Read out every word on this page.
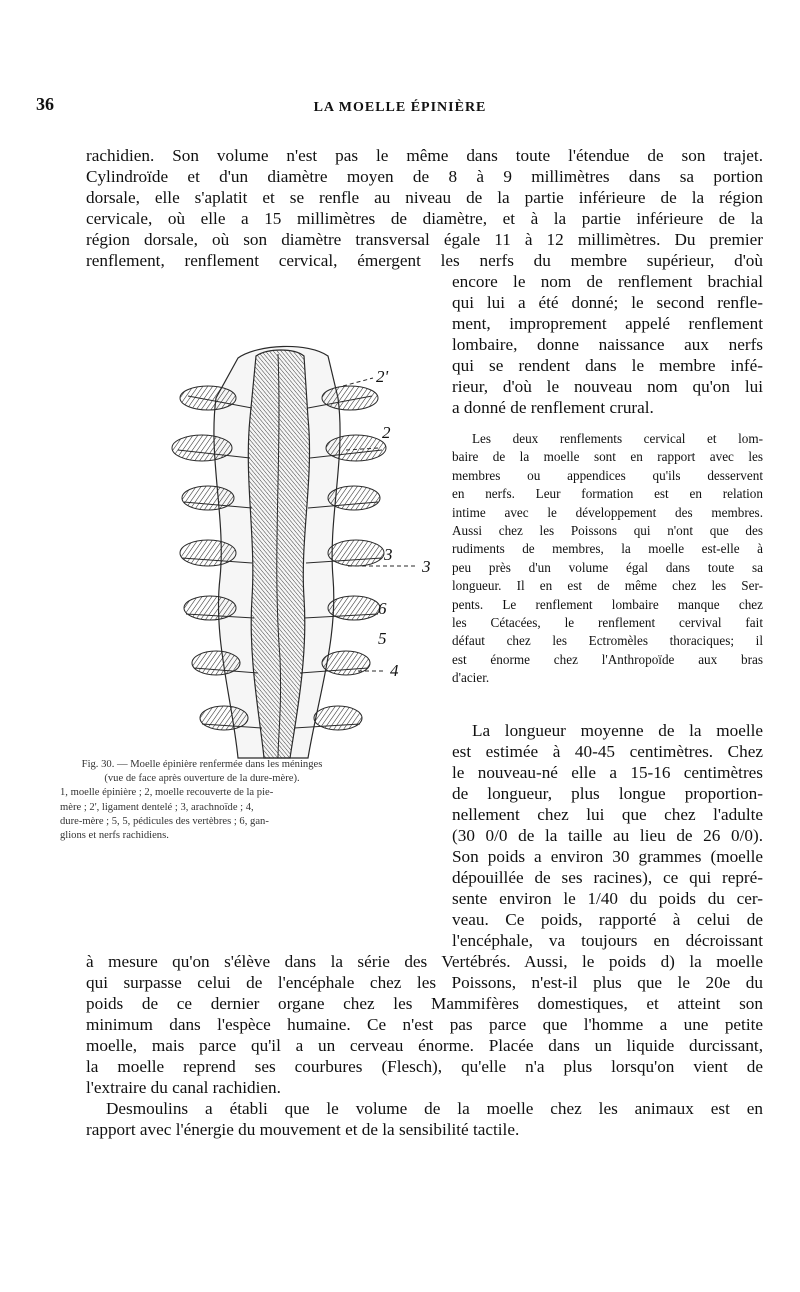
36	LA MOELLE ÉPINIÈRE

rachidien. Son volume n'est pas le même dans toute l'étendue de son trajet.
Cylindroïde et d'un diamètre moyen de 8 à 9 millimètres dans sa portion
dorsale, elle s'aplatit et se renfle au niveau de la partie inférieure de la région
cervicale, où elle a 15 millimètres de diamètre, et à la partie inférieure de la
région dorsale, où son diamètre transversal égale 11 à 12 millimètres. Du premier
renflement, renflement cervical, émergent les nerfs du membre supérieur, d'où

encore le nom de renflement brachial
qui lui a été donné; le second renfle-
ment, improprement appelé renflement
lombaire, donne naissance aux nerfs
qui se rendent dans le membre infé-
rieur, d'où le nouveau nom qu'on lui
a donné de renflement crural.

Les deux renflements cervical et lom-
baire de la moelle sont en rapport avec les
membres ou appendices qu'ils desservent
en nerfs. Leur formation est en relation
intime avec le développement des membres.
Aussi chez les Poissons qui n'ont que des
rudiments de membres, la moelle est-elle à
peu près d'un volume égal dans toute sa
longueur. Il en est de même chez les Ser-
pents. Le renflement lombaire manque chez
les Cétacées, le renflement cervival fait
défaut chez les Ectromèles thoraciques; il
est énorme chez l'Anthropoïde aux bras
d'acier.

La longueur moyenne de la moelle
est estimée à 40-45 centimètres. Chez
le nouveau-né elle a 15-16 centimètres
de longueur, plus longue proportion-
nellement chez lui que chez l'adulte
(30 0/0 de la taille au lieu de 26 0/0).
Son poids a environ 30 grammes (moelle
dépouillée de ses racines), ce qui repré-
sente environ le 1/40 du poids du cer-
veau. Ce poids, rapporté à celui de
l'encéphale, va toujours en décroissant

à mesure qu'on s'élève dans la série des Vertébrés. Aussi, le poids d) la moelle
qui surpasse celui de l'encéphale chez les Poissons, n'est-il plus que le 20e du
poids de ce dernier organe chez les Mammifères domestiques, et atteint son
minimum dans l'espèce humaine. Ce n'est pas parce que l'homme a une petite
moelle, mais parce qu'il a un cerveau énorme. Placée dans un liquide durcissant,
la moelle reprend ses courbures (Flesch), qu'elle n'a plus lorsqu'on vient de
l'extraire du canal rachidien.

Desmoulins a établi que le volume de la moelle chez les animaux est en
rapport avec l'énergie du mouvement et de la sensibilité tactile.

2'
2
3
3
6
5
4
Fig. 30. — Moelle épinière renfermée dans les méninges
(vue de face après ouverture de la dure-mère).
1, moelle épinière ; 2, moelle recouverte de la pie-
mère ; 2', ligament dentelé ; 3, arachnoïde ; 4,
dure-mère ; 5, 5, pédicules des vertèbres ; 6, gan-
glions et nerfs rachidiens.
